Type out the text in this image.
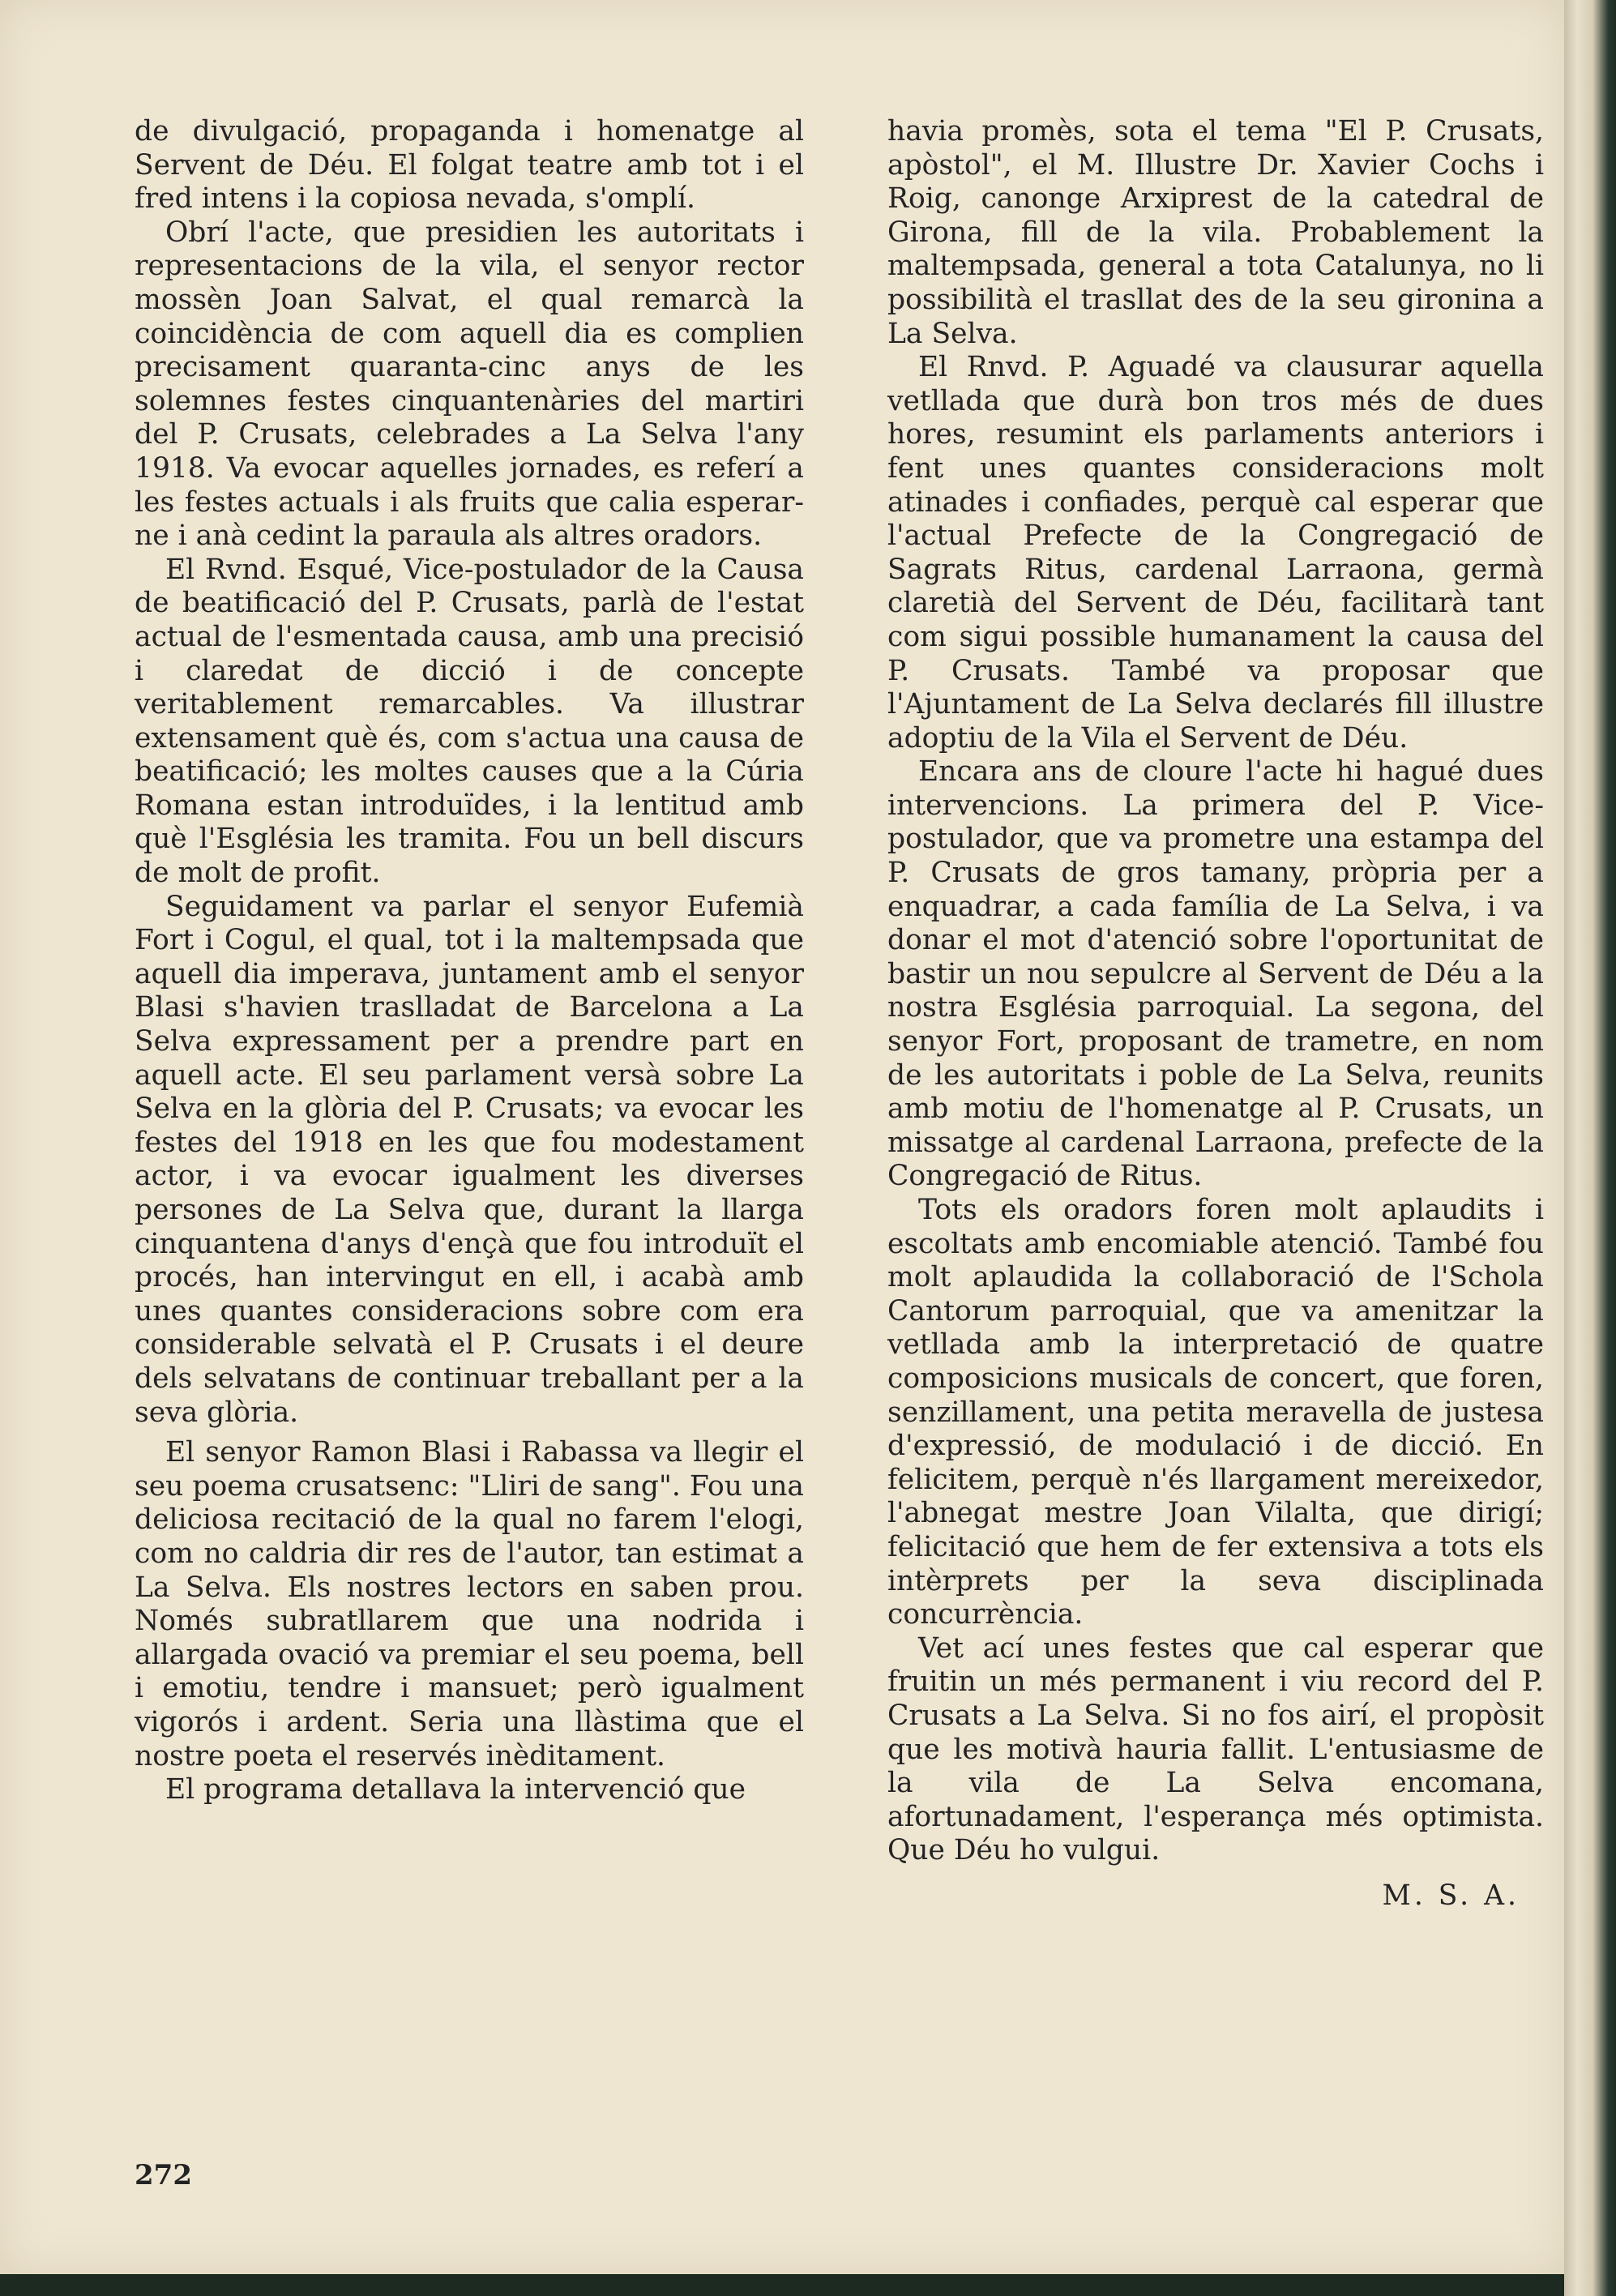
de divulgació, propaganda i homenatge al Servent de Déu. El folgat teatre amb tot i el fred intens i la copiosa nevada, s'omplí.

Obrí l'acte, que presidien les autoritats i representacions de la vila, el senyor rector mossèn Joan Salvat, el qual remarcà la coincidència de com aquell dia es complien precisament quaranta-cinc anys de les solemnes festes cinquantenàries del martiri del P. Crusats, celebrades a La Selva l'any 1918. Va evocar aquelles jornades, es referí a les festes actuals i als fruits que calia esperar-ne i anà cedint la paraula als altres oradors.

El Rvnd. Esqué, Vice-postulador de la Causa de beatificació del P. Crusats, parlà de l'estat actual de l'esmentada causa, amb una precisió i claredat de dicció i de concepte veritablement remarcables. Va illustrar extensament què és, com s'actua una causa de beatificació; les moltes causes que a la Cúria Romana estan introduïdes, i la lentitud amb què l'Església les tramita. Fou un bell discurs de molt de profit.

Seguidament va parlar el senyor Eufemià Fort i Cogul, el qual, tot i la maltempsada que aquell dia imperava, juntament amb el senyor Blasi s'havien traslladat de Barcelona a La Selva expressament per a prendre part en aquell acte. El seu parlament versà sobre La Selva en la glòria del P. Crusats; va evocar les festes del 1918 en les que fou modestament actor, i va evocar igualment les diverses persones de La Selva que, durant la llarga cinquantena d'anys d'ençà que fou introduït el procés, han intervingut en ell, i acabà amb unes quantes consideracions sobre com era considerable selvatà el P. Crusats i el deure dels selvatans de continuar treballant per a la seva glòria.

El senyor Ramon Blasi i Rabassa va llegir el seu poema crusatsenc: "Lliri de sang". Fou una deliciosa recitació de la qual no farem l'elogi, com no caldria dir res de l'autor, tan estimat a La Selva. Els nostres lectors en saben prou. Només subratllarem que una nodrida i allargada ovació va premiar el seu poema, bell i emotiu, tendre i mansuet; però igualment vigorós i ardent. Seria una llàstima que el nostre poeta el reservés inèditament.

El programa detallava la intervenció que

havia promès, sota el tema "El P. Crusats, apòstol", el M. Illustre Dr. Xavier Cochs i Roig, canonge Arxiprest de la catedral de Girona, fill de la vila. Probablement la maltempsada, general a tota Catalunya, no li possibilità el trasllat des de la seu gironina a La Selva.

El Rnvd. P. Aguadé va clausurar aquella vetllada que durà bon tros més de dues hores, resumint els parlaments anteriors i fent unes quantes consideracions molt atinades i confiades, perquè cal esperar que l'actual Prefecte de la Congregació de Sagrats Ritus, cardenal Larraona, germà claretià del Servent de Déu, facilitarà tant com sigui possible humanament la causa del P. Crusats. També va proposar que l'Ajuntament de La Selva declarés fill illustre adoptiu de la Vila el Servent de Déu.

Encara ans de cloure l'acte hi hagué dues intervencions. La primera del P. Vice-postulador, que va prometre una estampa del P. Crusats de gros tamany, pròpria per a enquadrar, a cada família de La Selva, i va donar el mot d'atenció sobre l'oportunitat de bastir un nou sepulcre al Servent de Déu a la nostra Església parroquial. La segona, del senyor Fort, proposant de trametre, en nom de les autoritats i poble de La Selva, reunits amb motiu de l'homenatge al P. Crusats, un missatge al cardenal Larraona, prefecte de la Congregació de Ritus.

Tots els oradors foren molt aplaudits i escoltats amb encomiable atenció. També fou molt aplaudida la collaboració de l'Schola Cantorum parroquial, que va amenitzar la vetllada amb la interpretació de quatre composicions musicals de concert, que foren, senzillament, una petita meravella de justesa d'expressió, de modulació i de dicció. En felicitem, perquè n'és llargament mereixedor, l'abnegat mestre Joan Vilalta, que dirigí; felicitació que hem de fer extensiva a tots els intèrprets per la seva disciplinada concurrència.

Vet ací unes festes que cal esperar que fruitin un més permanent i viu record del P. Crusats a La Selva. Si no fos airí, el propòsit que les motivà hauria fallit. L'entusiasme de la vila de La Selva encomana, afortunadament, l'esperança més optimista. Que Déu ho vulgui.

M. S. A.
272
